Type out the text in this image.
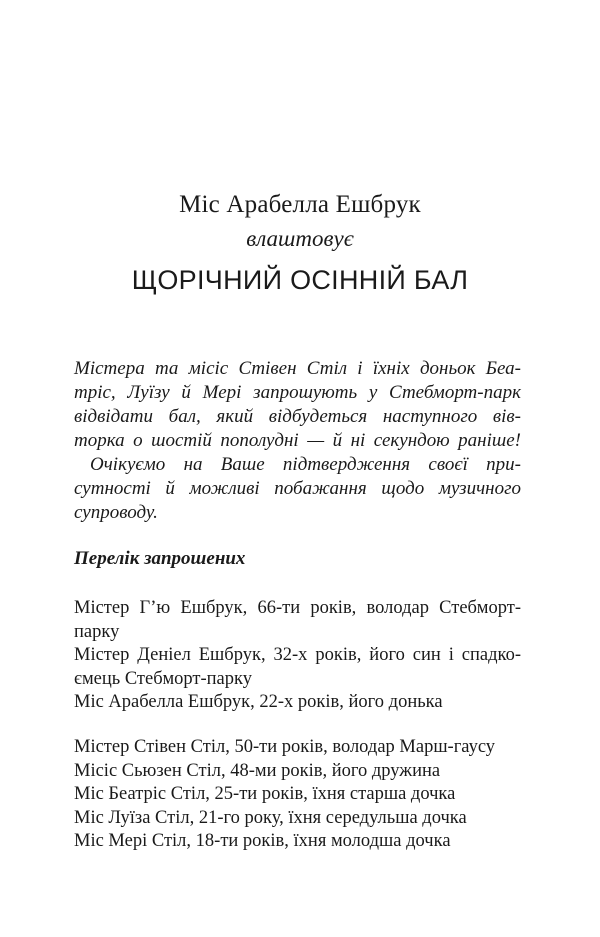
Міс Арабелла Ешбрук
влаштовує
ЩОРІЧНИЙ ОСІННІЙ БАЛ
Містера та місіс Стівен Стіл і їхніх доньок Беа-
тріс, Луїзу й Мері запрошують у Стебморт-парк
відвідати бал, який відбудеться наступного вів-
торка о шостій пополудні — й ні секундою раніше!
Очікуємо на Ваше підтвердження своєї при-
сутності й можливі побажання щодо музичного
супроводу.
Перелік запрошених
Містер Г’ю Ешбрук, 66-ти років, володар Стебморт-
парку
Містер Деніел Ешбрук, 32-х років, його син і спадко-
ємець Стебморт-парку
Міс Арабелла Ешбрук, 22-х років, його донька
Містер Стівен Стіл, 50-ти років, володар Марш-гаусу
Місіс Сьюзен Стіл, 48-ми років, його дружина
Міс Беатріс Стіл, 25-ти років, їхня старша дочка
Міс Луїза Стіл, 21-го року, їхня середульша дочка
Міс Мері Стіл, 18-ти років, їхня молодша дочка
